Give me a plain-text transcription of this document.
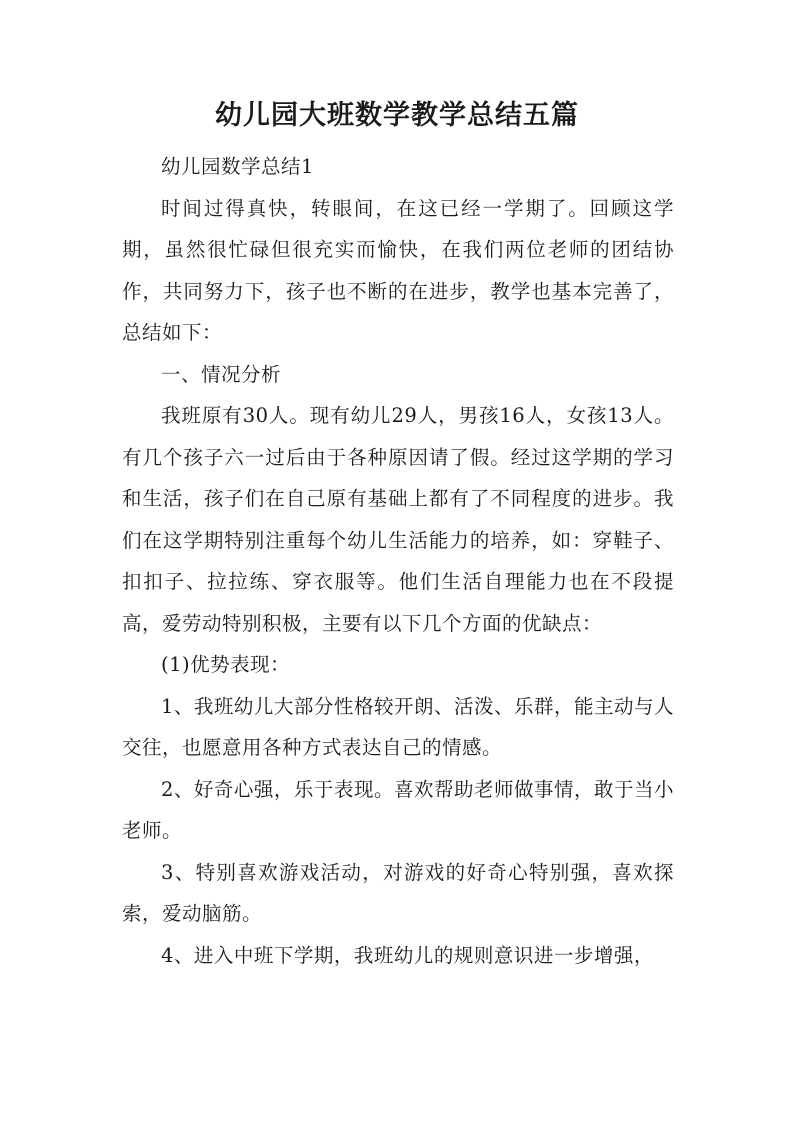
幼儿园大班数学教学总结五篇

幼儿园数学总结1

时间过得真快，转眼间，在这已经一学期了。回顾这学期，虽然很忙碌但很充实而愉快，在我们两位老师的团结协作，共同努力下，孩子也不断的在进步，教学也基本完善了，总结如下：

一、情况分析

我班原有30人。现有幼儿29人，男孩16人，女孩13人。有几个孩子六一过后由于各种原因请了假。经过这学期的学习和生活，孩子们在自己原有基础上都有了不同程度的进步。我们在这学期特别注重每个幼儿生活能力的培养，如：穿鞋子、扣扣子、拉拉练、穿衣服等。他们生活自理能力也在不段提高，爱劳动特别积极，主要有以下几个方面的优缺点：

(1)优势表现：

1、我班幼儿大部分性格较开朗、活泼、乐群，能主动与人交往，也愿意用各种方式表达自己的情感。

2、好奇心强，乐于表现。喜欢帮助老师做事情，敢于当小老师。

3、特别喜欢游戏活动，对游戏的好奇心特别强，喜欢探索，爱动脑筋。

4、进入中班下学期，我班幼儿的规则意识进一步增强，
